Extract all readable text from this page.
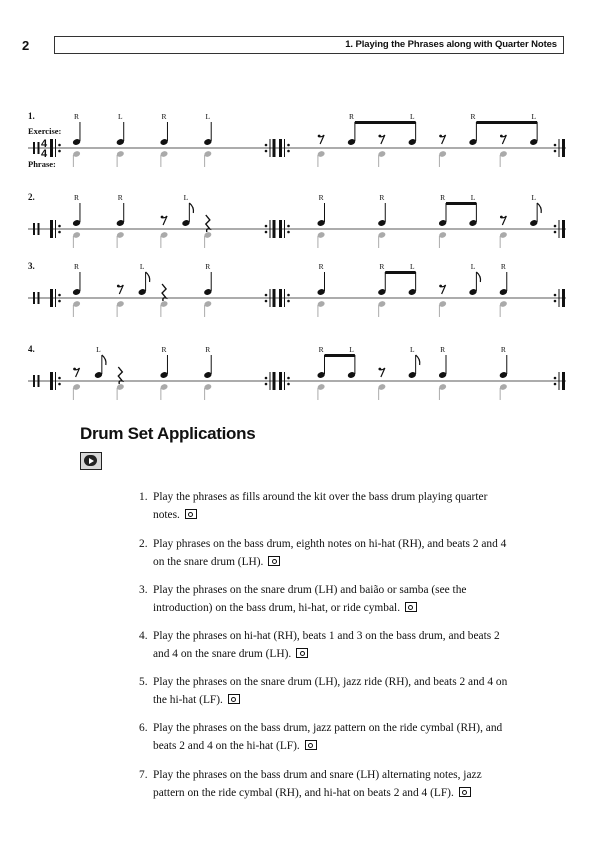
2	1. Playing the Phrases along with Quarter Notes
1.
Exercise:
Phrase:
4
4
R	L	R	L	R	L	R	L
2.	R	R	L	R	R	R	L	L
3.	R	L	R	R	R	L	L	R
4.	L	R	R	R	L	L	R	R
Drum Set Applications
1. Play the phrases as fills around the kit over the bass drum playing quarter notes.
2. Play phrases on the bass drum, eighth notes on hi-hat (RH), and beats 2 and 4 on the snare drum (LH).
3. Play the phrases on the snare drum (LH) and baião or samba (see the introduction) on the bass drum, hi-hat, or ride cymbal.
4. Play the phrases on hi-hat (RH), beats 1 and 3 on the bass drum, and beats 2 and 4 on the snare drum (LH).
5. Play the phrases on the snare drum (LH), jazz ride (RH), and beats 2 and 4 on the hi-hat (LF).
6. Play the phrases on the bass drum, jazz pattern on the ride cymbal (RH), and beats 2 and 4 on the hi-hat (LF).
7. Play the phrases on the bass drum and snare (LH) alternating notes, jazz pattern on the ride cymbal (RH), and hi-hat on beats 2 and 4 (LF).
